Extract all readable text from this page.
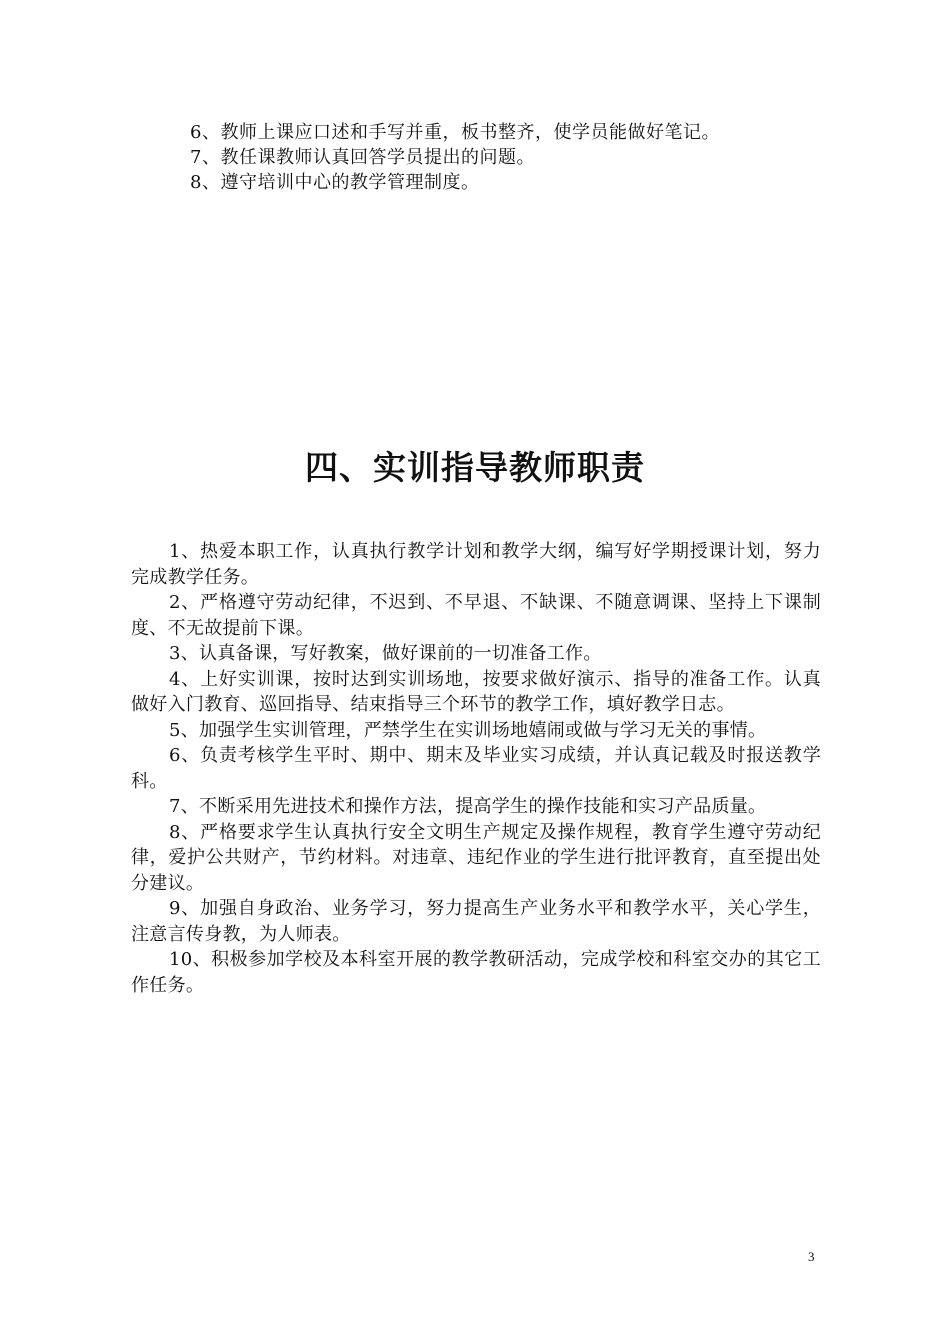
6、教师上课应口述和手写并重，板书整齐，使学员能做好笔记。
7、教任课教师认真回答学员提出的问题。
8、遵守培训中心的教学管理制度。
四、实训指导教师职责

1、热爱本职工作，认真执行教学计划和教学大纲，编写好学期授课计划，努力完成教学任务。

2、严格遵守劳动纪律，不迟到、不早退、不缺课、不随意调课、坚持上下课制度、不无故提前下课。

3、认真备课，写好教案，做好课前的一切准备工作。

4、上好实训课，按时达到实训场地，按要求做好演示、指导的准备工作。认真做好入门教育、巡回指导、结束指导三个环节的教学工作，填好教学日志。

5、加强学生实训管理，严禁学生在实训场地嬉闹或做与学习无关的事情。

6、负责考核学生平时、期中、期末及毕业实习成绩，并认真记载及时报送教学科。

7、不断采用先进技术和操作方法，提高学生的操作技能和实习产品质量。

8、严格要求学生认真执行安全文明生产规定及操作规程，教育学生遵守劳动纪律，爱护公共财产，节约材料。对违章、违纪作业的学生进行批评教育，直至提出处分建议。

9、加强自身政治、业务学习，努力提高生产业务水平和教学水平，关心学生，注意言传身教，为人师表。

10、积极参加学校及本科室开展的教学教研活动，完成学校和科室交办的其它工作任务。

3
